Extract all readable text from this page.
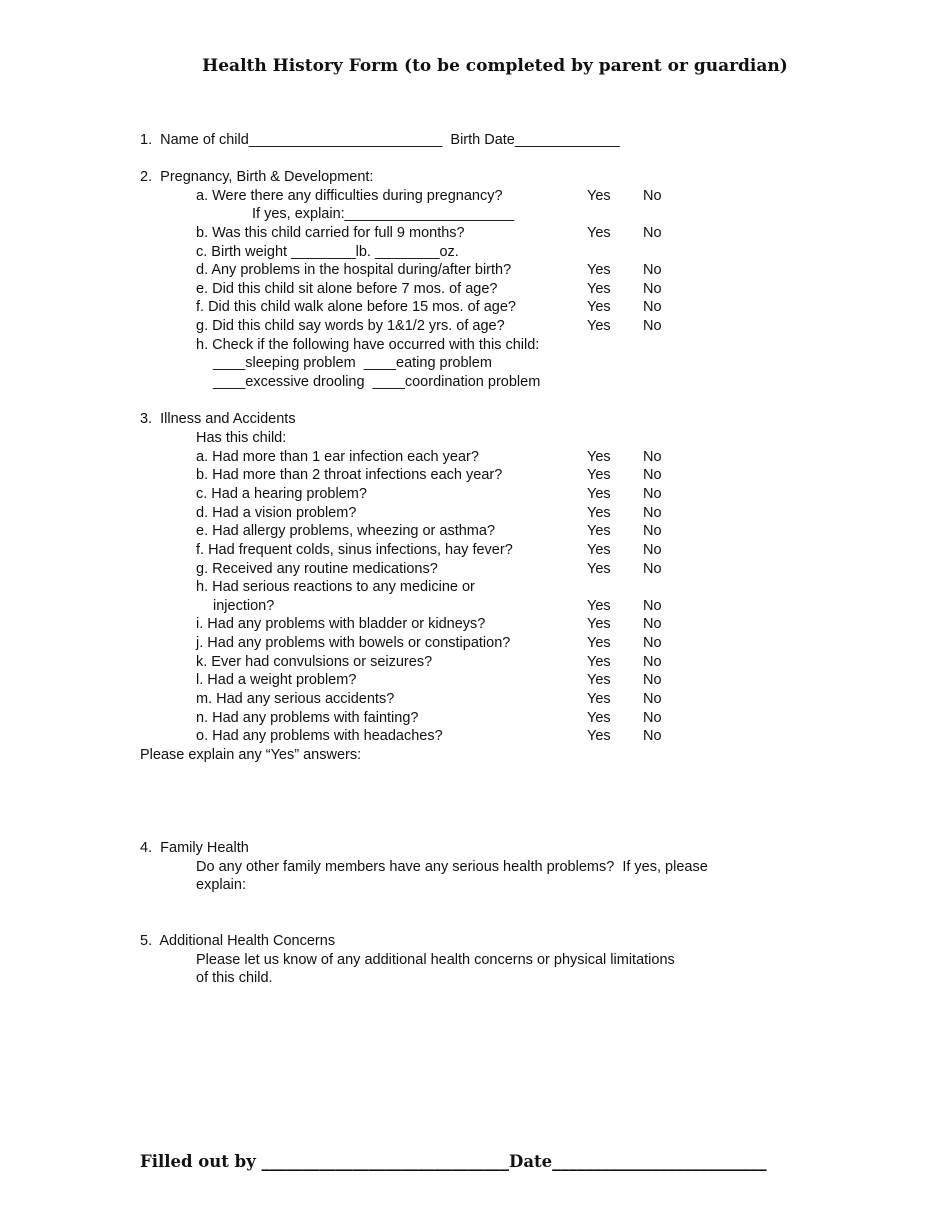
Health History Form (to be completed by parent or guardian)
1.  Name of child________________________  Birth Date_____________
2.  Pregnancy, Birth & Development:
a. Were there any difficulties during pregnancy?	Yes No
If yes, explain:_____________________
b. Was this child carried for full 9 months?	Yes No
c. Birth weight ________lb. ________oz.
d. Any problems in the hospital during/after birth?	Yes No
e. Did this child sit alone before 7 mos. of age?	Yes No
f. Did this child walk alone before 15 mos. of age?	Yes No
g. Did this child say words by 1&1/2 yrs. of age?	Yes No
h. Check if the following have occurred with this child:
____sleeping problem  ____eating problem
____excessive drooling  ____coordination problem
3.  Illness and Accidents
Has this child:
a. Had more than 1 ear infection each year?	Yes No
b. Had more than 2 throat infections each year?	Yes No
c. Had a hearing problem?	Yes No
d. Had a vision problem?	Yes No
e. Had allergy problems, wheezing or asthma?	Yes No
f. Had frequent colds, sinus infections, hay fever?	Yes No
g. Received any routine medications?	Yes No
h. Had serious reactions to any medicine or
injection?	Yes No
i. Had any problems with bladder or kidneys?	Yes No
j. Had any problems with bowels or constipation?	Yes No
k. Ever had convulsions or seizures?	Yes No
l. Had a weight problem?	Yes No
m. Had any serious accidents?	Yes No
n. Had any problems with fainting?	Yes No
o. Had any problems with headaches?	Yes No
Please explain any “Yes” answers:
4.  Family Health
Do any other family members have any serious health problems?  If yes, please
explain:
5.  Additional Health Concerns
Please let us know of any additional health concerns or physical limitations
of this child.
Filled out by ______________________________Date__________________________
